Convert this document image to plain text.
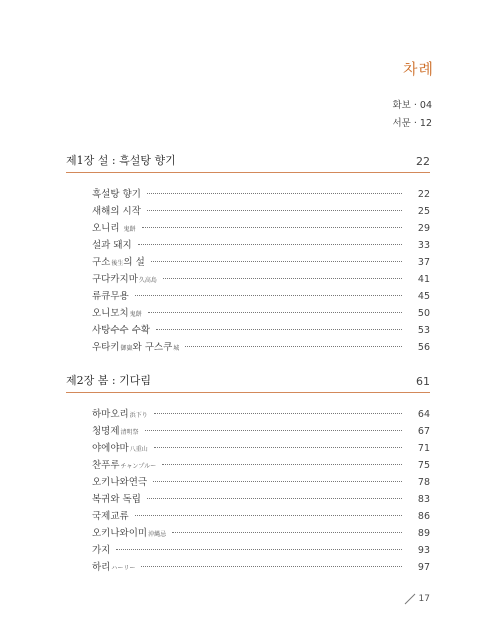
차례
화보 · 04
서문 · 12
제1장 설 : 흑설탕 향기	22
흑설탕 향기	22
새해의 시작	25
오니리 鬼餅	29
설과 돼지	33
구소後生의 설	37
구다카지마久高島	41
류큐무용	45
오니모치鬼餅	50
사탕수수 수확	53
우타키御嶽와 구스쿠城	56
제2장 봄 : 기다림	61
하마오리浜下り	64
청명제清明祭	67
야에야마八重山	71
찬푸루チャンプルー	75
오키나와연극	78
복귀와 독립	83
국제교류	86
오키나와이미沖縄忌	89
가지	93
하리ハーリー	97
17
